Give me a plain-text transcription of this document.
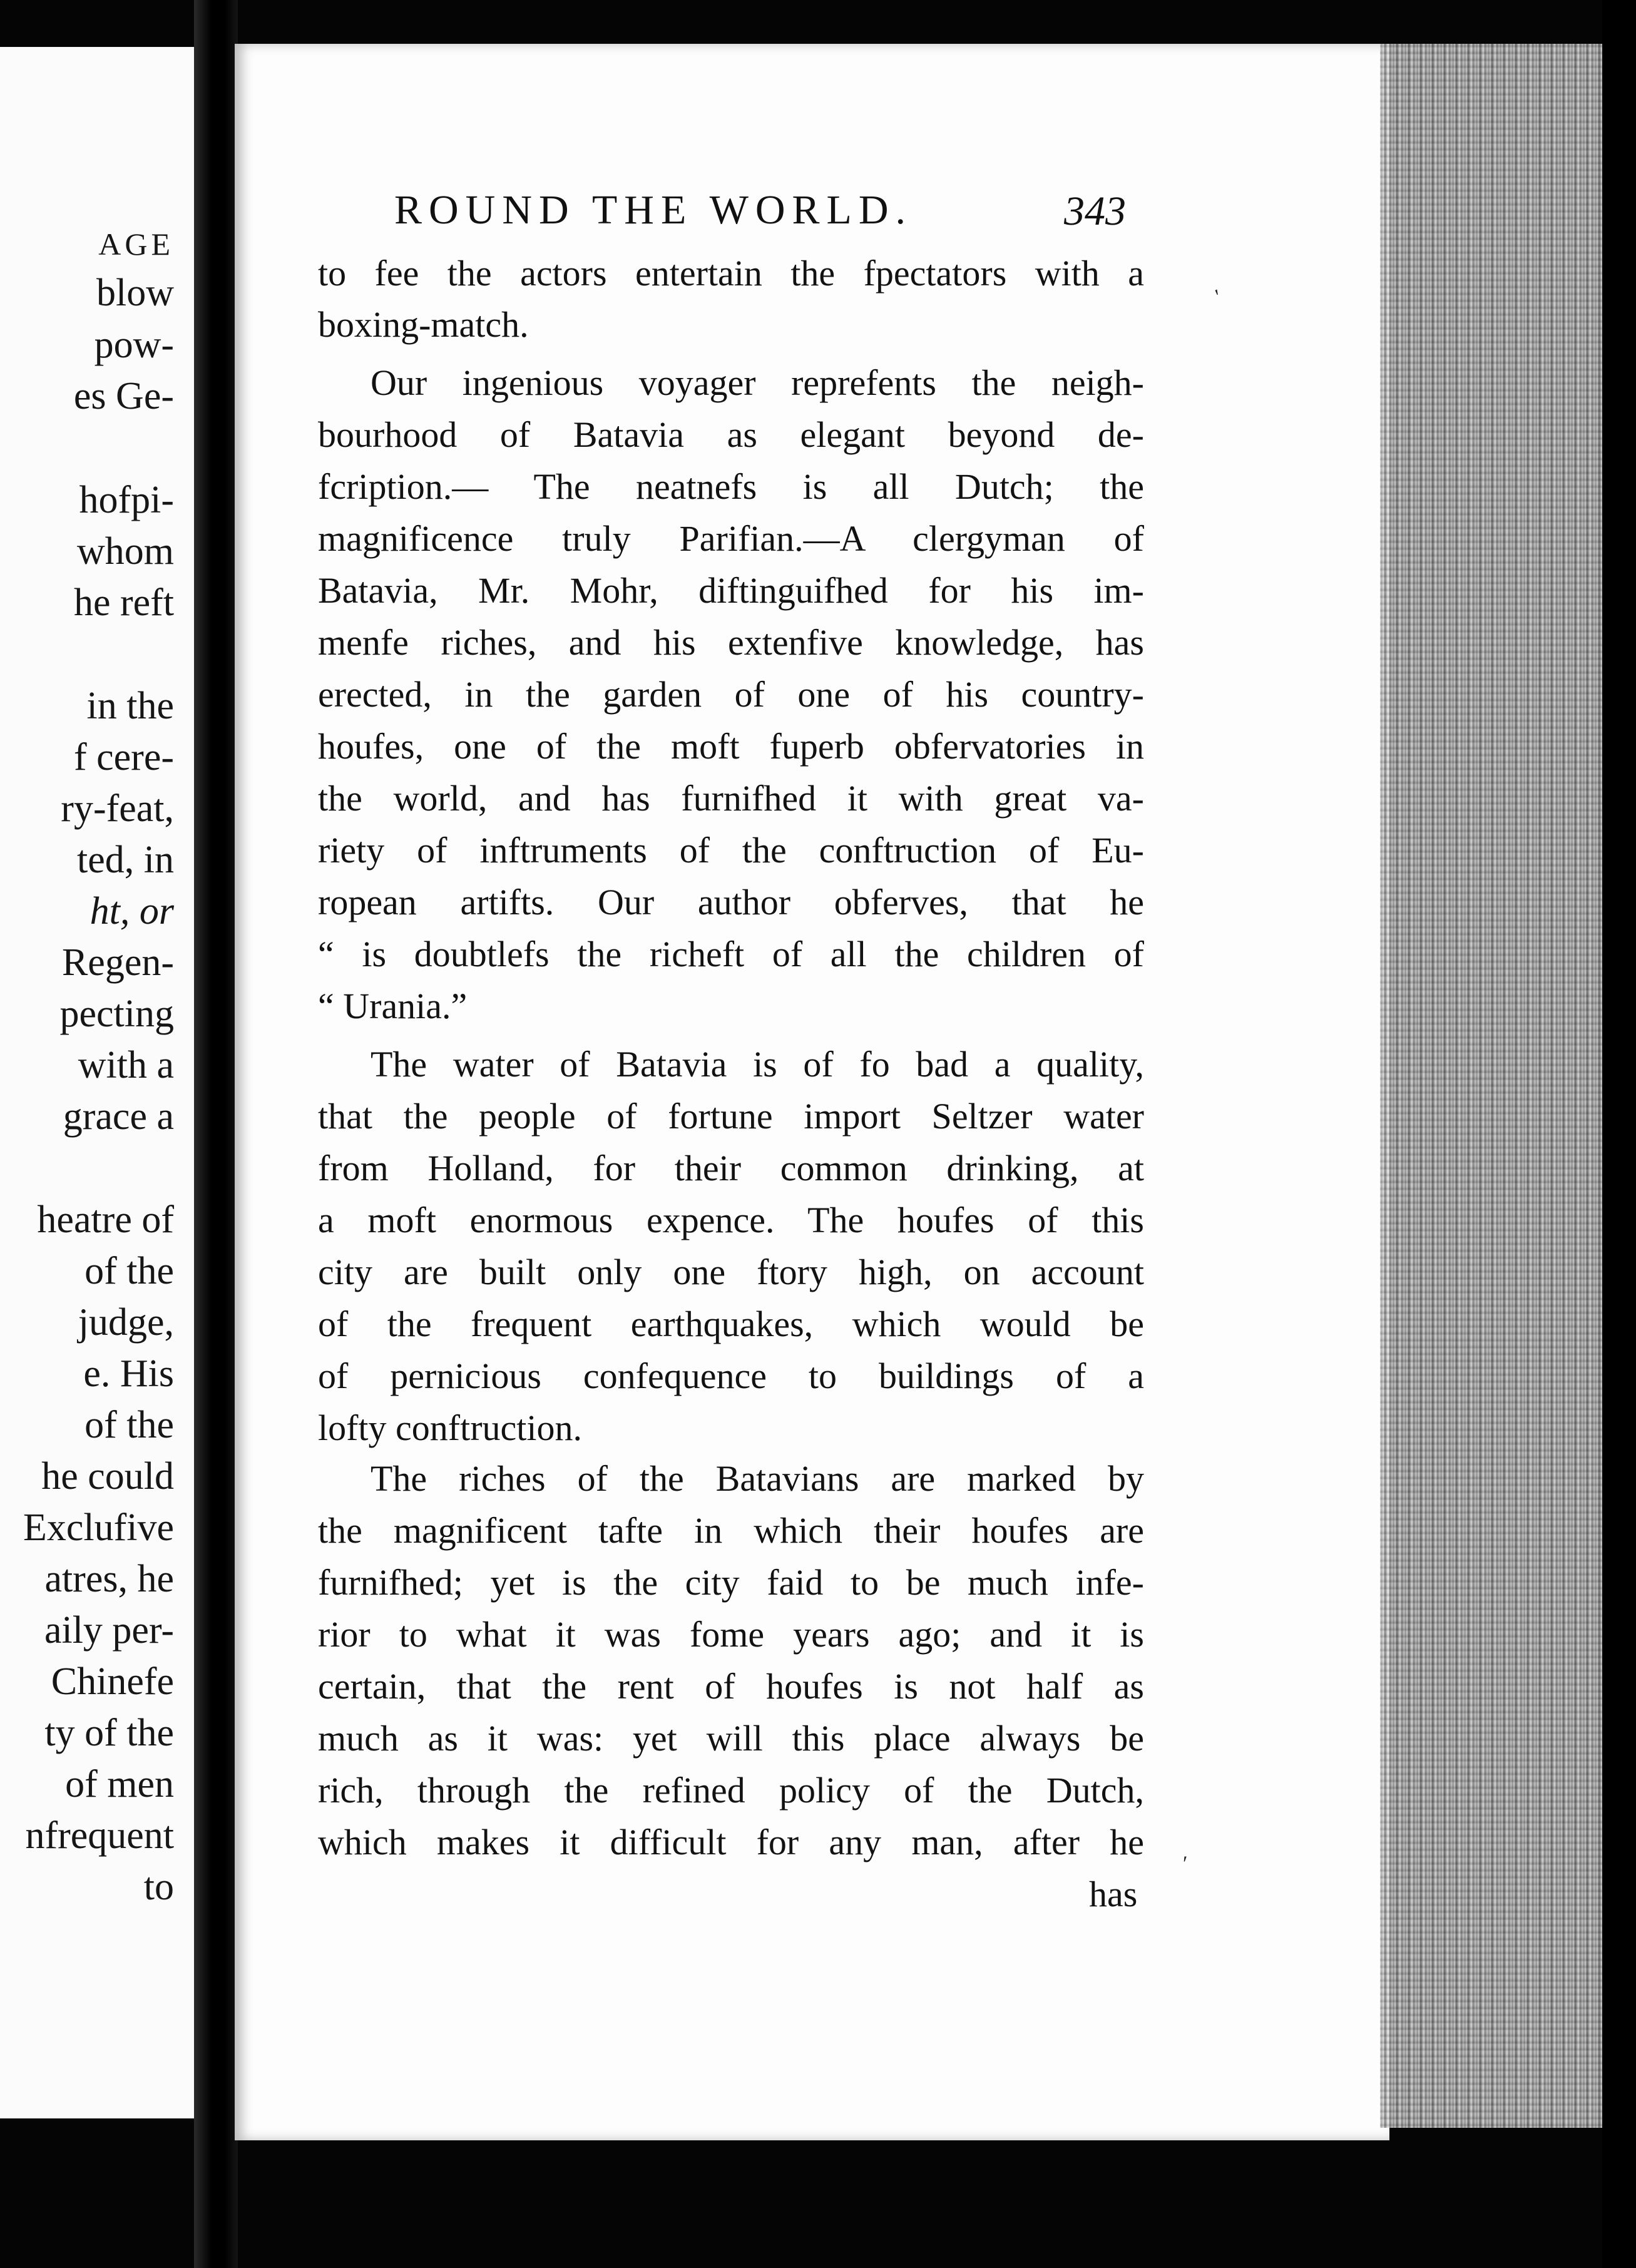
AGE
blow
pow-
es Ge-
hofpi-
whom
he reft
in the
f cere-
ry-feat,
ted, in
ht, or
Regen-
pecting
with a
grace a
heatre of
of the
judge,
e. His
of the
he could
Exclufive
atres, he
aily per-
Chinefe
ty of the
of men
nfrequent
to
ROUND THE WORLD.	343
to fee the actors entertain the fpectators with a
boxing-match.
Our ingenious voyager reprefents the neigh-
bourhood of Batavia as elegant beyond de-
fcription.— The neatnefs is all Dutch; the
magnificence truly Parifian.—A clergyman of
Batavia, Mr. Mohr, diftinguifhed for his im-
menfe riches, and his extenfive knowledge, has
erected, in the garden of one of his country-
houfes, one of the moft fuperb obfervatories in
the world, and has furnifhed it with great va-
riety of inftruments of the conftruction of Eu-
ropean artifts. Our author obferves, that he
“ is doubtlefs the richeft of all the children of
“ Urania.”
The water of Batavia is of fo bad a quality,
that the people of fortune import Seltzer water
from Holland, for their common drinking, at
a moft enormous expence. The houfes of this
city are built only one ftory high, on account
of the frequent earthquakes, which would be
of pernicious confequence to buildings of a
lofty conftruction.
The riches of the Batavians are marked by
the magnificent tafte in which their houfes are
furnifhed; yet is the city faid to be much infe-
rior to what it was fome years ago; and it is
certain, that the rent of houfes is not half as
much as it was: yet will this place always be
rich, through the refined policy of the Dutch,
which makes it difficult for any man, after he
has
ʹ
ʹ
